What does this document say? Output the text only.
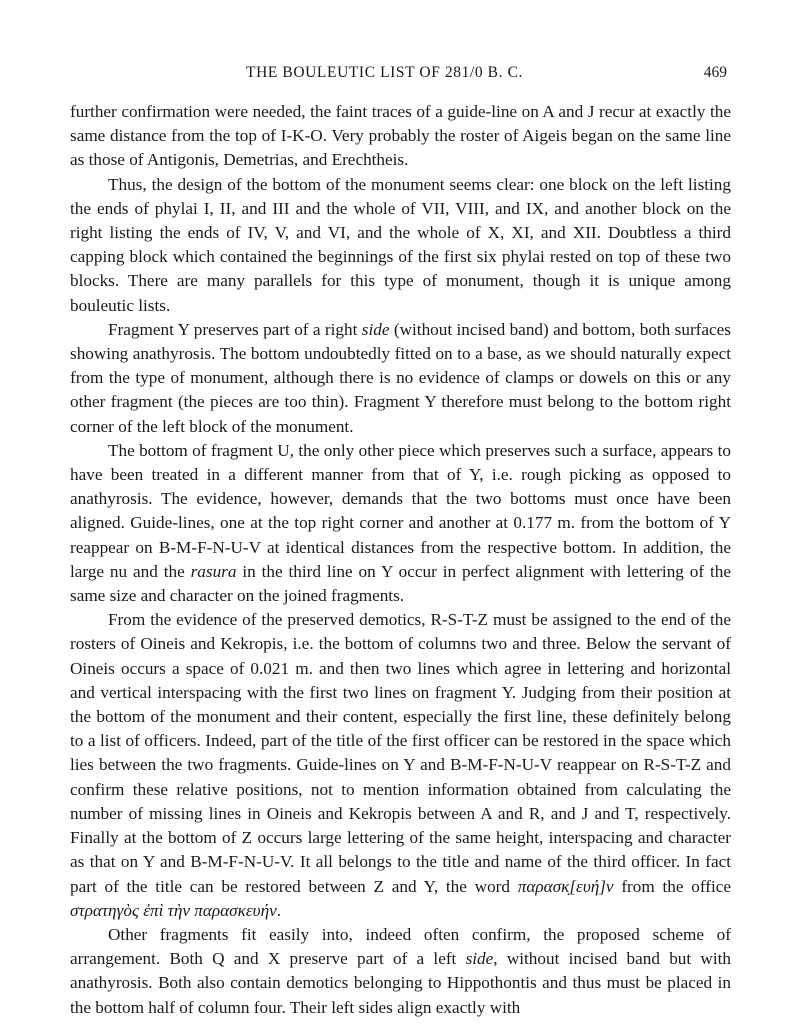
THE BOULEUTIC LIST OF 281/0 B. C.	469

further confirmation were needed, the faint traces of a guide-line on A and J recur at exactly the same distance from the top of I-K-O. Very probably the roster of Aigeis began on the same line as those of Antigonis, Demetrias, and Erechtheis.

Thus, the design of the bottom of the monument seems clear: one block on the left listing the ends of phylai I, II, and III and the whole of VII, VIII, and IX, and another block on the right listing the ends of IV, V, and VI, and the whole of X, XI, and XII. Doubtless a third capping block which contained the beginnings of the first six phylai rested on top of these two blocks. There are many parallels for this type of monument, though it is unique among bouleutic lists.

Fragment Y preserves part of a right side (without incised band) and bottom, both surfaces showing anathyrosis. The bottom undoubtedly fitted on to a base, as we should naturally expect from the type of monument, although there is no evidence of clamps or dowels on this or any other fragment (the pieces are too thin). Fragment Y therefore must belong to the bottom right corner of the left block of the monument.

The bottom of fragment U, the only other piece which preserves such a surface, appears to have been treated in a different manner from that of Y, i.e. rough picking as opposed to anathyrosis. The evidence, however, demands that the two bottoms must once have been aligned. Guide-lines, one at the top right corner and another at 0.177 m. from the bottom of Y reappear on B-M-F-N-U-V at identical distances from the respective bottom. In addition, the large nu and the rasura in the third line on Y occur in perfect alignment with lettering of the same size and character on the joined fragments.

From the evidence of the preserved demotics, R-S-T-Z must be assigned to the end of the rosters of Oineis and Kekropis, i.e. the bottom of columns two and three. Below the servant of Oineis occurs a space of 0.021 m. and then two lines which agree in lettering and horizontal and vertical interspacing with the first two lines on fragment Y. Judging from their position at the bottom of the monument and their content, especially the first line, these definitely belong to a list of officers. Indeed, part of the title of the first officer can be restored in the space which lies between the two fragments. Guide-lines on Y and B-M-F-N-U-V reappear on R-S-T-Z and confirm these relative positions, not to mention information obtained from calculating the number of missing lines in Oineis and Kekropis between A and R, and J and T, respectively. Finally at the bottom of Z occurs large lettering of the same height, interspacing and character as that on Y and B-M-F-N-U-V. It all belongs to the title and name of the third officer. In fact part of the title can be restored between Z and Y, the word παρασκ̣[ευή]ν from the office στρατηγὸς ἐπὶ τὴν παρασκευήν.

Other fragments fit easily into, indeed often confirm, the proposed scheme of arrangement. Both Q and X preserve part of a left side, without incised band but with anathyrosis. Both also contain demotics belonging to Hippothontis and thus must be placed in the bottom half of column four. Their left sides align exactly with
